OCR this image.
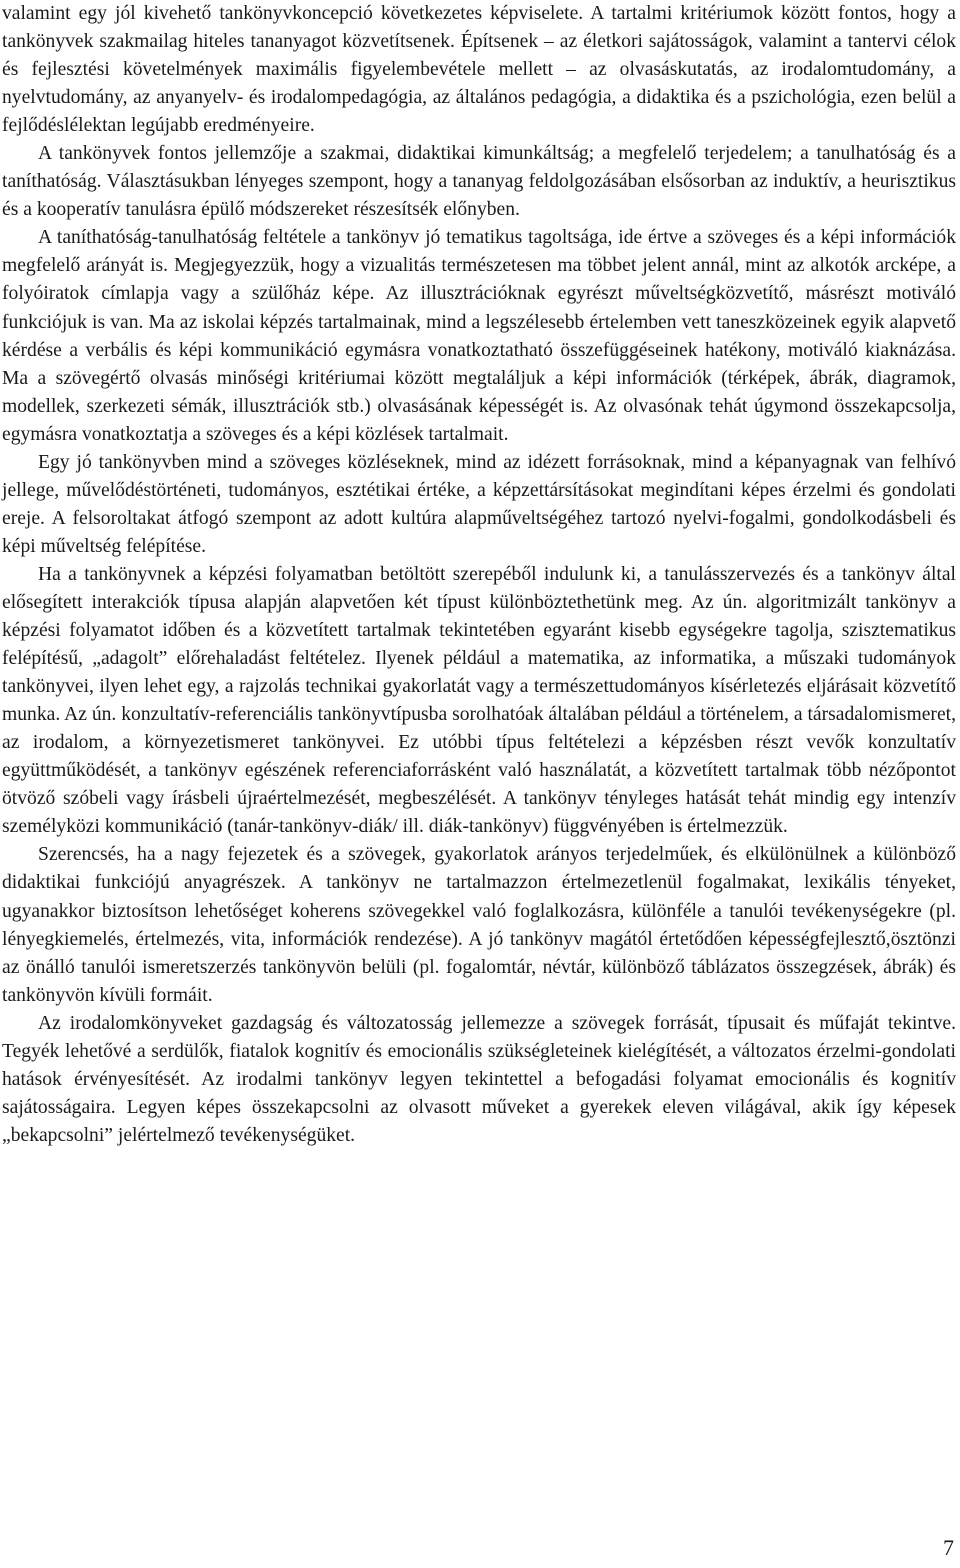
valamint egy jól kivehető tankönyvkoncepció következetes képviselete. A tartalmi kritériumok között fontos, hogy a tankönyvek szakmailag hiteles tananyagot közvetítsenek. Építsenek – az életkori sajátosságok, valamint a tantervi célok és fejlesztési követelmények maximális figyelembevétele mellett – az olvasáskutatás, az irodalomtudomány, a nyelvtudomány, az anyanyelv- és irodalompedagógia, az általános pedagógia, a didaktika és a pszichológia, ezen belül a fejlődéslélektan legújabb eredményeire.

A tankönyvek fontos jellemzője a szakmai, didaktikai kimunkáltság; a megfelelő terjedelem; a tanulhatóság és a taníthatóság. Választásukban lényeges szempont, hogy a tananyag feldolgozásában elsősorban az induktív, a heurisztikus és a kooperatív tanulásra épülő módszereket részesítsék előnyben.

A taníthatóság-tanulhatóság feltétele a tankönyv jó tematikus tagoltsága, ide értve a szöveges és a képi információk megfelelő arányát is. Megjegyezzük, hogy a vizualitás természetesen ma többet jelent annál, mint az alkotók arcképe, a folyóiratok címlapja vagy a szülőház képe. Az illusztrációknak egyrészt műveltségközvetítő, másrészt motiváló funkciójuk is van. Ma az iskolai képzés tartalmainak, mind a legszélesebb értelemben vett taneszközeinek egyik alapvető kérdése a verbális és képi kommunikáció egymásra vonatkoztatható összefüggéseinek hatékony, motiváló kiaknázása. Ma a szövegértő olvasás minőségi kritériumai között megtaláljuk a képi információk (térképek, ábrák, diagramok, modellek, szerkezeti sémák, illusztrációk stb.) olvasásának képességét is. Az olvasónak tehát úgymond összekapcsolja, egymásra vonatkoztatja a szöveges és a képi közlések tartalmait.

Egy jó tankönyvben mind a szöveges közléseknek, mind az idézett forrásoknak, mind a képanyagnak van felhívó jellege, művelődéstörténeti, tudományos, esztétikai értéke, a képzettársításokat megindítani képes érzelmi és gondolati ereje. A felsoroltakat átfogó szempont az adott kultúra alapműveltségéhez tartozó nyelvi-fogalmi, gondolkodásbeli és képi műveltség felépítése.

Ha a tankönyvnek a képzési folyamatban betöltött szerepéből indulunk ki, a tanulásszervezés és a tankönyv által elősegített interakciók típusa alapján alapvetően két típust különböztethetünk meg. Az ún. algoritmizált tankönyv a képzési folyamatot időben és a közvetített tartalmak tekintetében egyaránt kisebb egységekre tagolja, szisztematikus felépítésű, „adagolt” előrehaladást feltételez. Ilyenek például a matematika, az informatika, a műszaki tudományok tankönyvei, ilyen lehet egy, a rajzolás technikai gyakorlatát vagy a természettudományos kísérletezés eljárásait közvetítő munka. Az ún. konzultatív-referenciális tankönyvtípusba sorolhatóak általában például a történelem, a társadalomismeret, az irodalom, a környezetismeret tankönyvei. Ez utóbbi típus feltételezi a képzésben részt vevők konzultatív együttműködését, a tankönyv egészének referenciaforrásként való használatát, a közvetített tartalmak több nézőpontot ötvöző szóbeli vagy írásbeli újraértelmezését, megbeszélését. A tankönyv tényleges hatását tehát mindig egy intenzív személyközi kommunikáció (tanár-tankönyv-diák/ ill. diák-tankönyv) függvényében is értelmezzük.

Szerencsés, ha a nagy fejezetek és a szövegek, gyakorlatok arányos terjedelműek, és elkülönülnek a különböző didaktikai funkciójú anyagrészek. A tankönyv ne tartalmazzon értelmezetlenül fogalmakat, lexikális tényeket, ugyanakkor biztosítson lehetőséget koherens szövegekkel való foglalkozásra, különféle a tanulói tevékenységekre (pl. lényegkiemelés, értelmezés, vita, információk rendezése). A jó tankönyv magától értetődően képességfejlesztő,ösztönzi az önálló tanulói ismeretszerzés tankönyvön belüli (pl. fogalomtár, névtár, különböző táblázatos összegzések, ábrák) és tankönyvön kívüli formáit.

Az irodalomkönyveket gazdagság és változatosság jellemezze a szövegek forrását, típusait és műfaját tekintve. Tegyék lehetővé a serdülők, fiatalok kognitív és emocionális szükségleteinek kielégítését, a változatos érzelmi-gondolati hatások érvényesítését. Az irodalmi tankönyv legyen tekintettel a befogadási folyamat emocionális és kognitív sajátosságaira. Legyen képes összekapcsolni az olvasott műveket a gyerekek eleven világával, akik így képesek „bekapcsolni” jelértelmező tevékenységüket.

7
